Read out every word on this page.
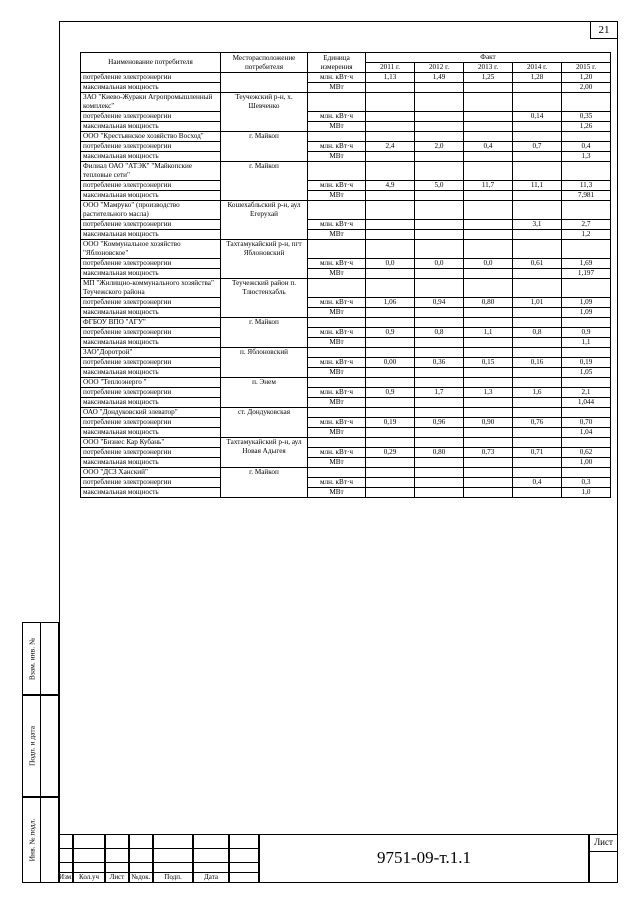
21
Наименование потребителя	Месторасположение потребителя	Единица измерения	Факт				
			2011 г.	2012 г.	2013 г.	2014 г.	2015 г.
потребление электроэнергии		млн. кВт·ч	1,13	1,49	1,25	1,28	1,20
максимальная мощность		МВт					2,00
ЗАО "Киево-Жураки Агропромышленный комплекс"	Теучежский р-н, х. Шевченко						
потребление электроэнергии		млн. кВт·ч				0,14	0,35
максимальная мощность		МВт					1,26
ООО "Крестьянское хозяйство Восход"	г. Майкоп						
потребление электроэнергии		млн. кВт·ч	2,4	2,0	0,4	0,7	0,4
максимальная мощность		МВт					1,3
Филиал ОАО "АТЭК" "Майкопские тепловые сети"	г. Майкоп						
потребление электроэнергии		млн. кВт·ч	4,9	5,0	11,7	11,1	11,3
максимальная мощность		МВт					7,981
ООО "Мамруко" (производство растительного масла)	Кошехабльский р-н, аул Егерухай						
потребление электроэнергии		млн. кВт·ч				3,1	2,7
максимальная мощность		МВт					1,2
ООО "Коммунальное хозяйство "Яблоновское"	Тахтамукайский р-н, пгт Яблоновский						
потребление электроэнергии		млн. кВт·ч	0,0	0,0	0,0	0,61	1,69
максимальная мощность		МВт					1,197
МП "Жилищно-коммунального хозяйства" Теучежского района	Теучежский район п. Тлюстенхабль						
потребление электроэнергии		млн. кВт·ч	1,06	0,94	0,80	1,01	1,09
максимальная мощность		МВт					1,09
ФГБОУ ВПО "АГУ"	г. Майкоп						
потребление электроэнергии		млн. кВт·ч	0,9	0,8	1,1	0,8	0,9
максимальная мощность		МВт					1,1
ЗАО"Доротрой"	п. Яблоновский						
потребление электроэнергии		млн. кВт·ч	0,00	0,36	0,15	0,16	0,19
максимальная мощность		МВт					1,05
ООО "Теплоэнерго "	п. Энем						
потребление электроэнергии		млн. кВт·ч	0,9	1,7	1,3	1,6	2,1
максимальная мощность		МВт					1,044
ОАО "Дондуковский элеватор"	ст. Дондуковская						
потребление электроэнергии		млн. кВт·ч	0,19	0,96	0,90	0,76	0,70
максимальная мощность		МВт					1,04
ООО "Бизнес Кар Кубань"	Тахтамукайский р-н, аул Новая Адыгея						
потребление электроэнергии		млн. кВт·ч	0,29	0,80	0,73	0,71	0,62
максимальная мощность		МВт					1,00
ООО "ДСЗ Ханский"	г. Майкоп						
потребление электроэнергии		млн. кВт·ч				0,4	0,3
максимальная мощность		МВт					1,0
Взам. инв. №
Подп. и дата
Инв. № подл.
Изм. Кол.уч	Лист	№док.	Подп.	Дата
9751-09-т.1.1
Лист
